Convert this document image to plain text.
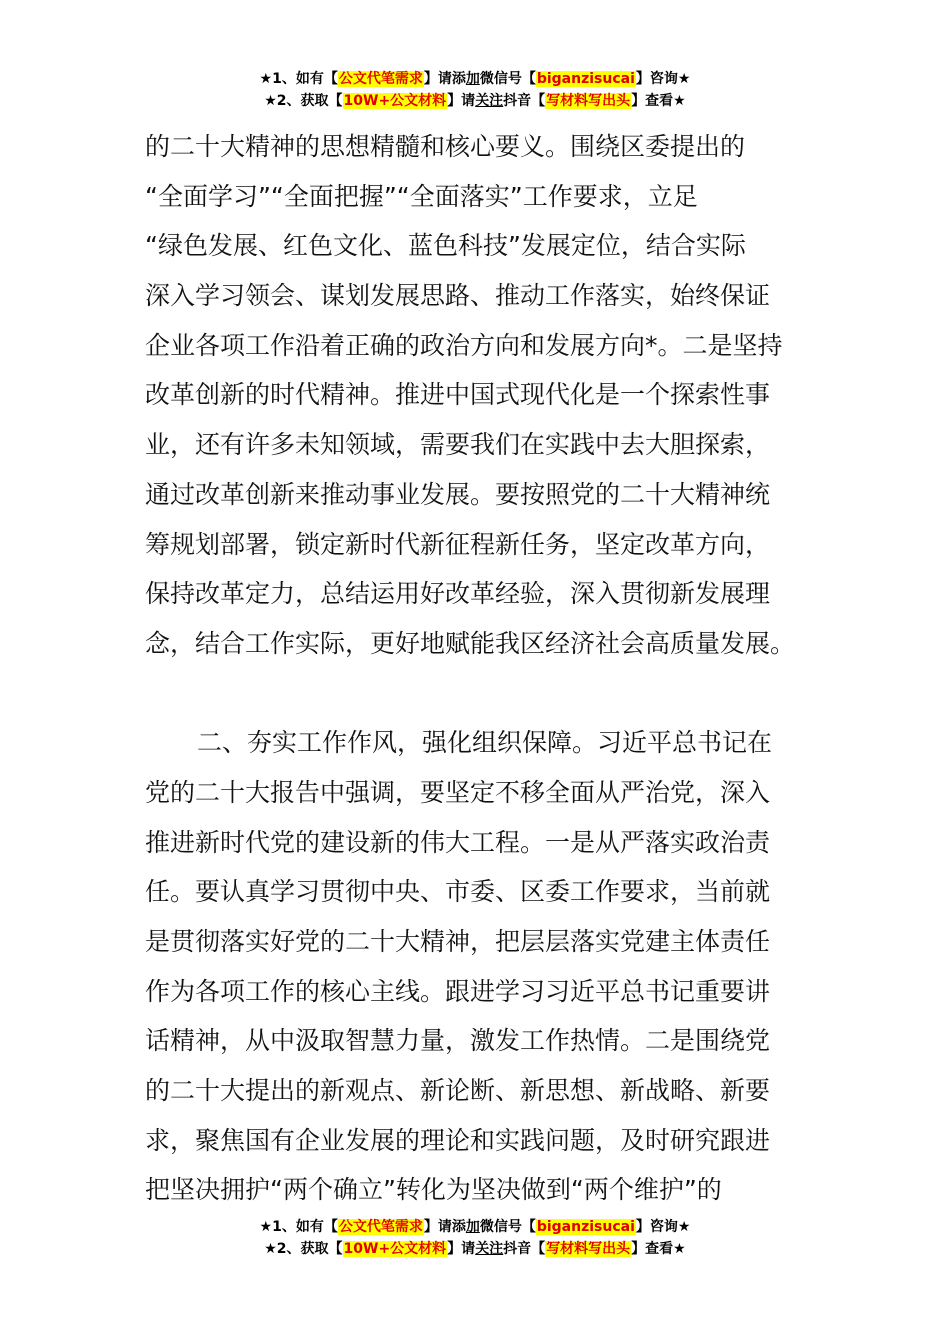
★1、如有【公文代笔需求】请添加微信号【biganzisucai】咨询★
★2、获取【10W+公文材料】请关注抖音【写材料写出头】查看★
的二十大精神的思想精髓和核心要义。围绕区委提出的
“全面学习”“全面把握”“全面落实”工作要求，立足
“绿色发展、红色文化、蓝色科技”发展定位，结合实际
深入学习领会、谋划发展思路、推动工作落实，始终保证
企业各项工作沿着正确的政治方向和发展方向*。二是坚持
改革创新的时代精神。推进中国式现代化是一个探索性事
业，还有许多未知领域，需要我们在实践中去大胆探索，
通过改革创新来推动事业发展。要按照党的二十大精神统
筹规划部署，锁定新时代新征程新任务，坚定改革方向，
保持改革定力，总结运用好改革经验，深入贯彻新发展理
念，结合工作实际，更好地赋能我区经济社会高质量发展。
二、夯实工作作风，强化组织保障。习近平总书记在
党的二十大报告中强调，要坚定不移全面从严治党，深入
推进新时代党的建设新的伟大工程。一是从严落实政治责
任。要认真学习贯彻中央、市委、区委工作要求，当前就
是贯彻落实好党的二十大精神，把层层落实党建主体责任
作为各项工作的核心主线。跟进学习习近平总书记重要讲
话精神，从中汲取智慧力量，激发工作热情。二是围绕党
的二十大提出的新观点、新论断、新思想、新战略、新要
求，聚焦国有企业发展的理论和实践问题，及时研究跟进
把坚决拥护“两个确立”转化为坚决做到“两个维护”的
★1、如有【公文代笔需求】请添加微信号【biganzisucai】咨询★
★2、获取【10W+公文材料】请关注抖音【写材料写出头】查看★
